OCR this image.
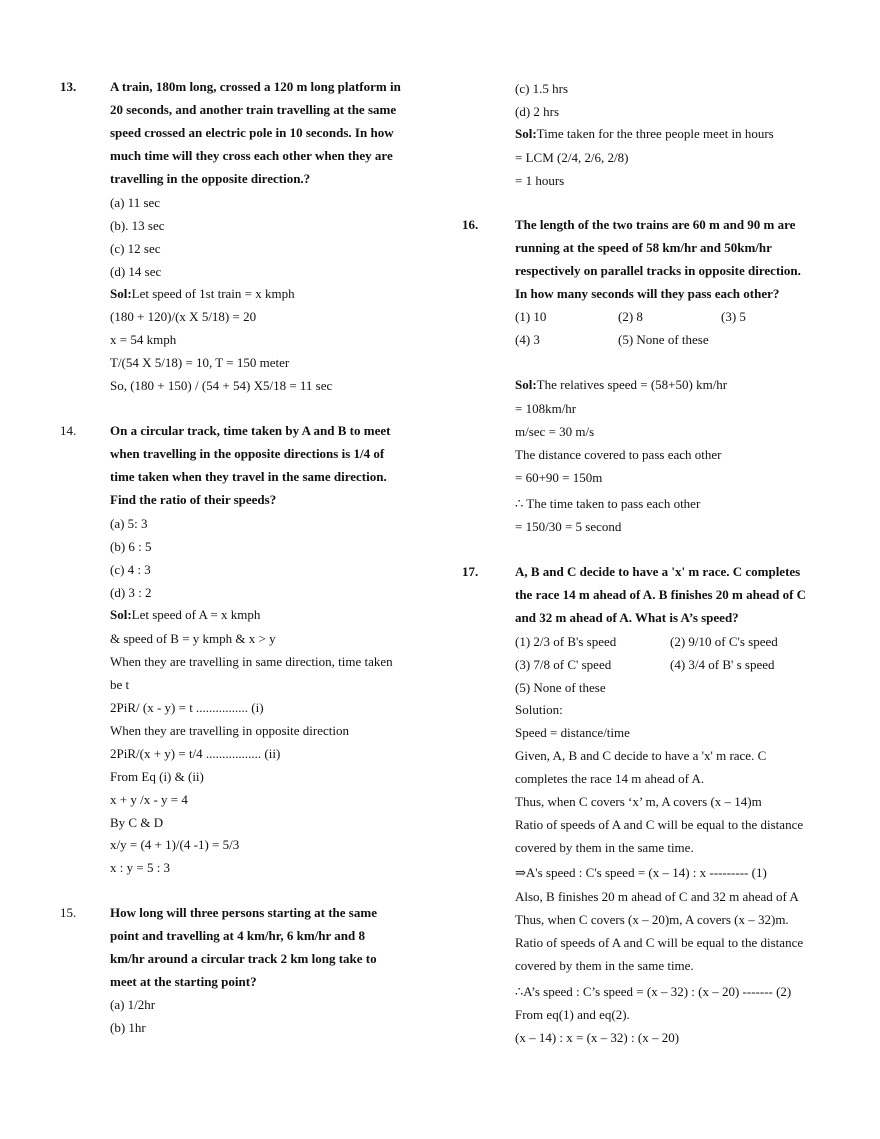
13.	A train, 180m long, crossed a 120 m long platform in
20 seconds, and another train travelling at the same
speed crossed an electric pole in 10 seconds. In how
much time will they cross each other when they are
travelling in the opposite direction.?
(a) 11 sec
(b). 13 sec
(c) 12 sec
(d) 14 sec
Sol:Let speed of 1st train = x kmph
(180 + 120)/(x X 5/18) = 20
x = 54 kmph
T/(54 X 5/18) = 10, T = 150 meter
So, (180 + 150) / (54 + 54) X5/18 = 11 sec
14.	On a circular track, time taken by A and B to meet
when travelling in the opposite directions is 1/4 of
time taken when they travel in the same direction.
Find the ratio of their speeds?
(a) 5: 3
(b) 6 : 5
(c) 4 : 3
(d) 3 : 2
Sol:Let speed of A = x kmph
& speed of B = y kmph & x > y
When they are travelling in same direction, time taken
be t
2PiR/ (x - y) = t ................ (i)
When they are travelling in opposite direction
2PiR/(x + y) = t/4 ................. (ii)
From Eq (i) & (ii)
x + y /x - y = 4
By C & D
x/y = (4 + 1)/(4 -1) = 5/3
x : y = 5 : 3
15.	How long will three persons starting at the same
point and travelling at 4 km/hr, 6 km/hr and 8
km/hr around a circular track 2 km long take to
meet at the starting point?
(a) 1/2hr
(b) 1hr
(c) 1.5 hrs
(d) 2 hrs
Sol:Time taken for the three people meet in hours
= LCM (2/4, 2/6, 2/8)
= 1 hours
16.	The length of the two trains are 60 m and 90 m are
running at the speed of 58 km/hr and 50km/hr
respectively on parallel tracks in opposite direction.
In how many seconds will they pass each other?
(1) 10	(2) 8	(3) 5
(4) 3	(5) None of these
Sol:The relatives speed = (58+50) km/hr
= 108km/hr
m/sec = 30 m/s
The distance covered to pass each other
= 60+90 = 150m
∴ The time taken to pass each other
= 150/30 = 5 second
17.	A, B and C decide to have a 'x' m race. C completes
the race 14 m ahead of A. B finishes 20 m ahead of C
and 32 m ahead of A. What is A’s speed?
(1) 2/3 of B's speed	(2) 9/10 of C's speed
(3) 7/8 of C' speed	(4) 3/4 of B' s speed
(5) None of these
Solution:
Speed = distance/time
Given, A, B and C decide to have a 'x' m race. C
completes the race 14 m ahead of A.
Thus, when C covers ‘x’ m, A covers (x – 14)m
Ratio of speeds of A and C will be equal to the distance
covered by them in the same time.
⇒A's speed : C's speed = (x – 14) : x --------- (1)
Also, B finishes 20 m ahead of C and 32 m ahead of A
Thus, when C covers (x – 20)m, A covers (x – 32)m.
Ratio of speeds of A and C will be equal to the distance
covered by them in the same time.
∴A’s speed : C’s speed = (x – 32) : (x – 20) ------- (2)
From eq(1) and eq(2).
(x – 14) : x = (x – 32) : (x – 20)
